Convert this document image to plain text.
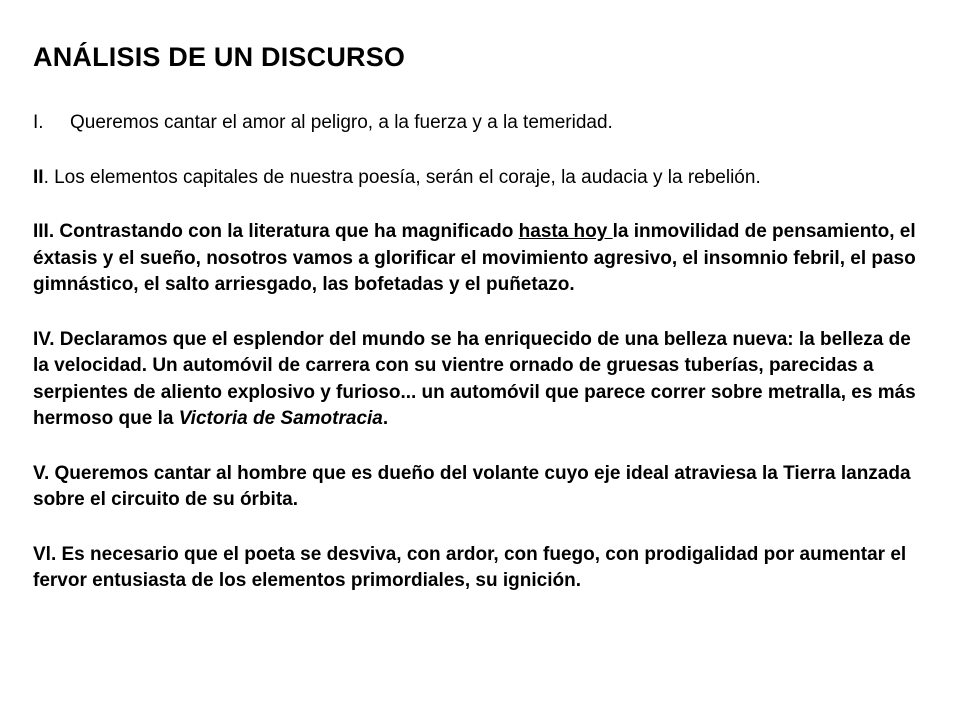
ANÁLISIS DE UN DISCURSO

I.	Queremos cantar el amor al peligro, a la fuerza y a la temeridad.

II. Los elementos capitales de nuestra poesía, serán el coraje, la audacia y la rebelión.

III. Contrastando con la literatura que ha magnificado hasta hoy la inmovilidad de pensamiento, el éxtasis y el sueño, nosotros vamos a glorificar el movimiento agresivo, el insomnio febril, el paso gimnástico, el salto arriesgado, las bofetadas y el puñetazo.

IV. Declaramos que el esplendor del mundo se ha enriquecido de una belleza nueva: la belleza de la velocidad. Un automóvil de carrera con su vientre ornado de gruesas tuberías, parecidas a serpientes de aliento explosivo y furioso... un automóvil que parece correr sobre metralla, es más hermoso que la Victoria de Samotracia.

V. Queremos cantar al hombre que es dueño del volante cuyo eje ideal atraviesa la Tierra lanzada sobre el circuito de su órbita.

Vl. Es necesario que el poeta se desviva, con ardor, con fuego, con prodigalidad por aumentar el fervor entusiasta de los elementos primordiales, su ignición.
